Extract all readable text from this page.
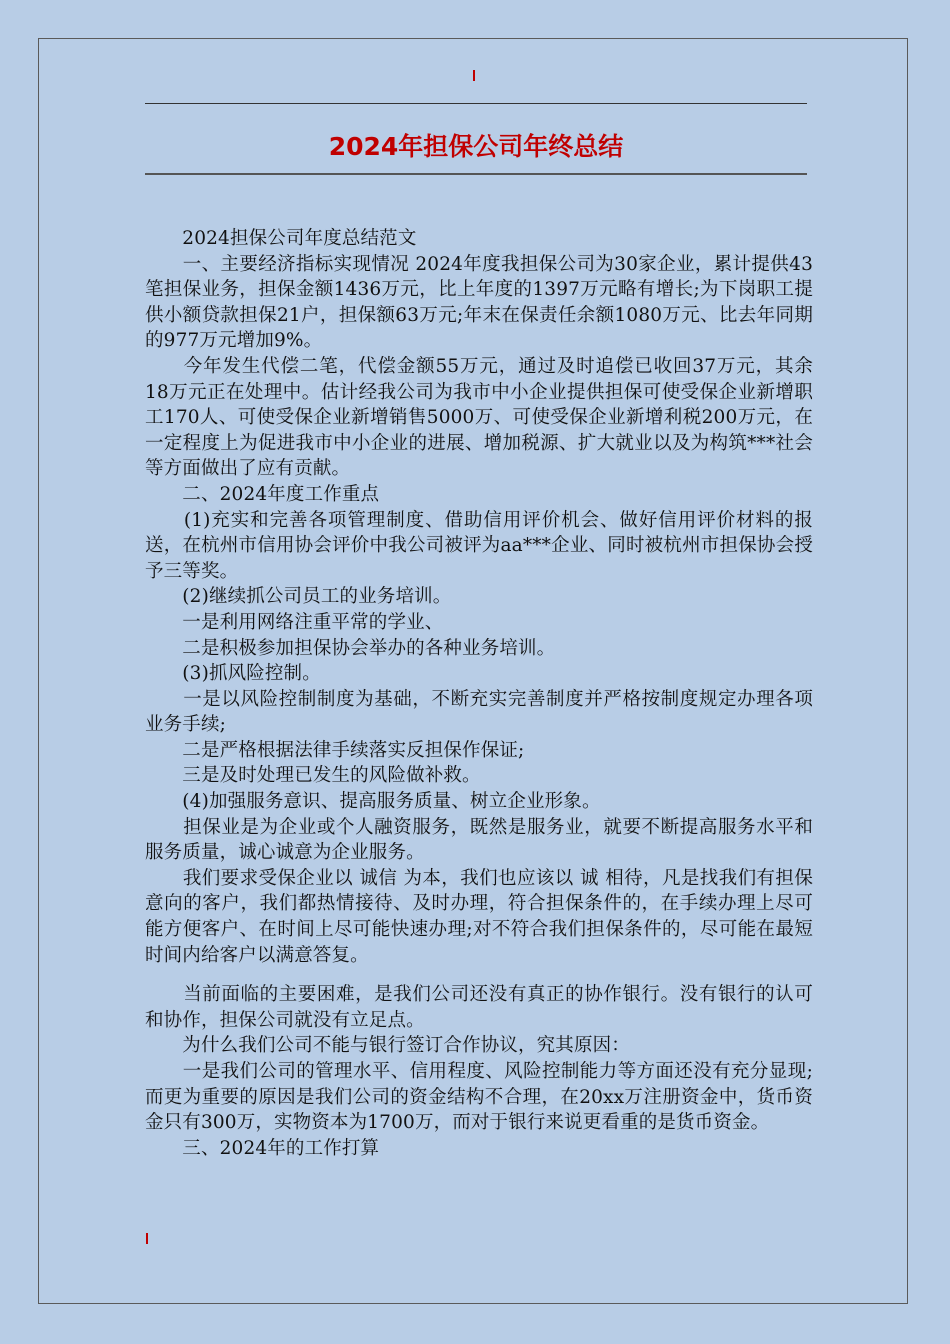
2024年担保公司年终总结

　　2024担保公司年度总结范文

　　一、主要经济指标实现情况 2024年度我担保公司为30家企业，累计提供43笔担保业务，担保金额1436万元，比上年度的1397万元略有增长;为下岗职工提供小额贷款担保21户，担保额63万元;年末在保责任余额1080万元、比去年同期的977万元增加9%。

　　今年发生代偿二笔，代偿金额55万元，通过及时追偿已收回37万元，其余18万元正在处理中。估计经我公司为我市中小企业提供担保可使受保企业新增职工170人、可使受保企业新增销售5000万、可使受保企业新增利税200万元，在一定程度上为促进我市中小企业的进展、增加税源、扩大就业以及为构筑***社会等方面做出了应有贡献。

　　二、2024年度工作重点

　　(1)充实和完善各项管理制度、借助信用评价机会、做好信用评价材料的报送，在杭州市信用协会评价中我公司被评为aa***企业、同时被杭州市担保协会授予三等奖。

　　(2)继续抓公司员工的业务培训。

　　一是利用网络注重平常的学业、

　　二是积极参加担保协会举办的各种业务培训。

　　(3)抓风险控制。

　　一是以风险控制制度为基础，不断充实完善制度并严格按制度规定办理各项业务手续;

　　二是严格根据法律手续落实反担保作保证;

　　三是及时处理已发生的风险做补救。

　　(4)加强服务意识、提高服务质量、树立企业形象。

　　担保业是为企业或个人融资服务，既然是服务业，就要不断提高服务水平和服务质量，诚心诚意为企业服务。

　　我们要求受保企业以 诚信 为本，我们也应该以 诚 相待，凡是找我们有担保意向的客户，我们都热情接待、及时办理，符合担保条件的，在手续办理上尽可能方便客户、在时间上尽可能快速办理;对不符合我们担保条件的，尽可能在最短时间内给客户以满意答复。

　　当前面临的主要困难，是我们公司还没有真正的协作银行。没有银行的认可和协作，担保公司就没有立足点。

　　为什么我们公司不能与银行签订合作协议，究其原因：

　　一是我们公司的管理水平、信用程度、风险控制能力等方面还没有充分显现;而更为重要的原因是我们公司的资金结构不合理，在20xx万注册资金中，货币资金只有300万，实物资本为1700万，而对于银行来说更看重的是货币资金。

　　三、2024年的工作打算
